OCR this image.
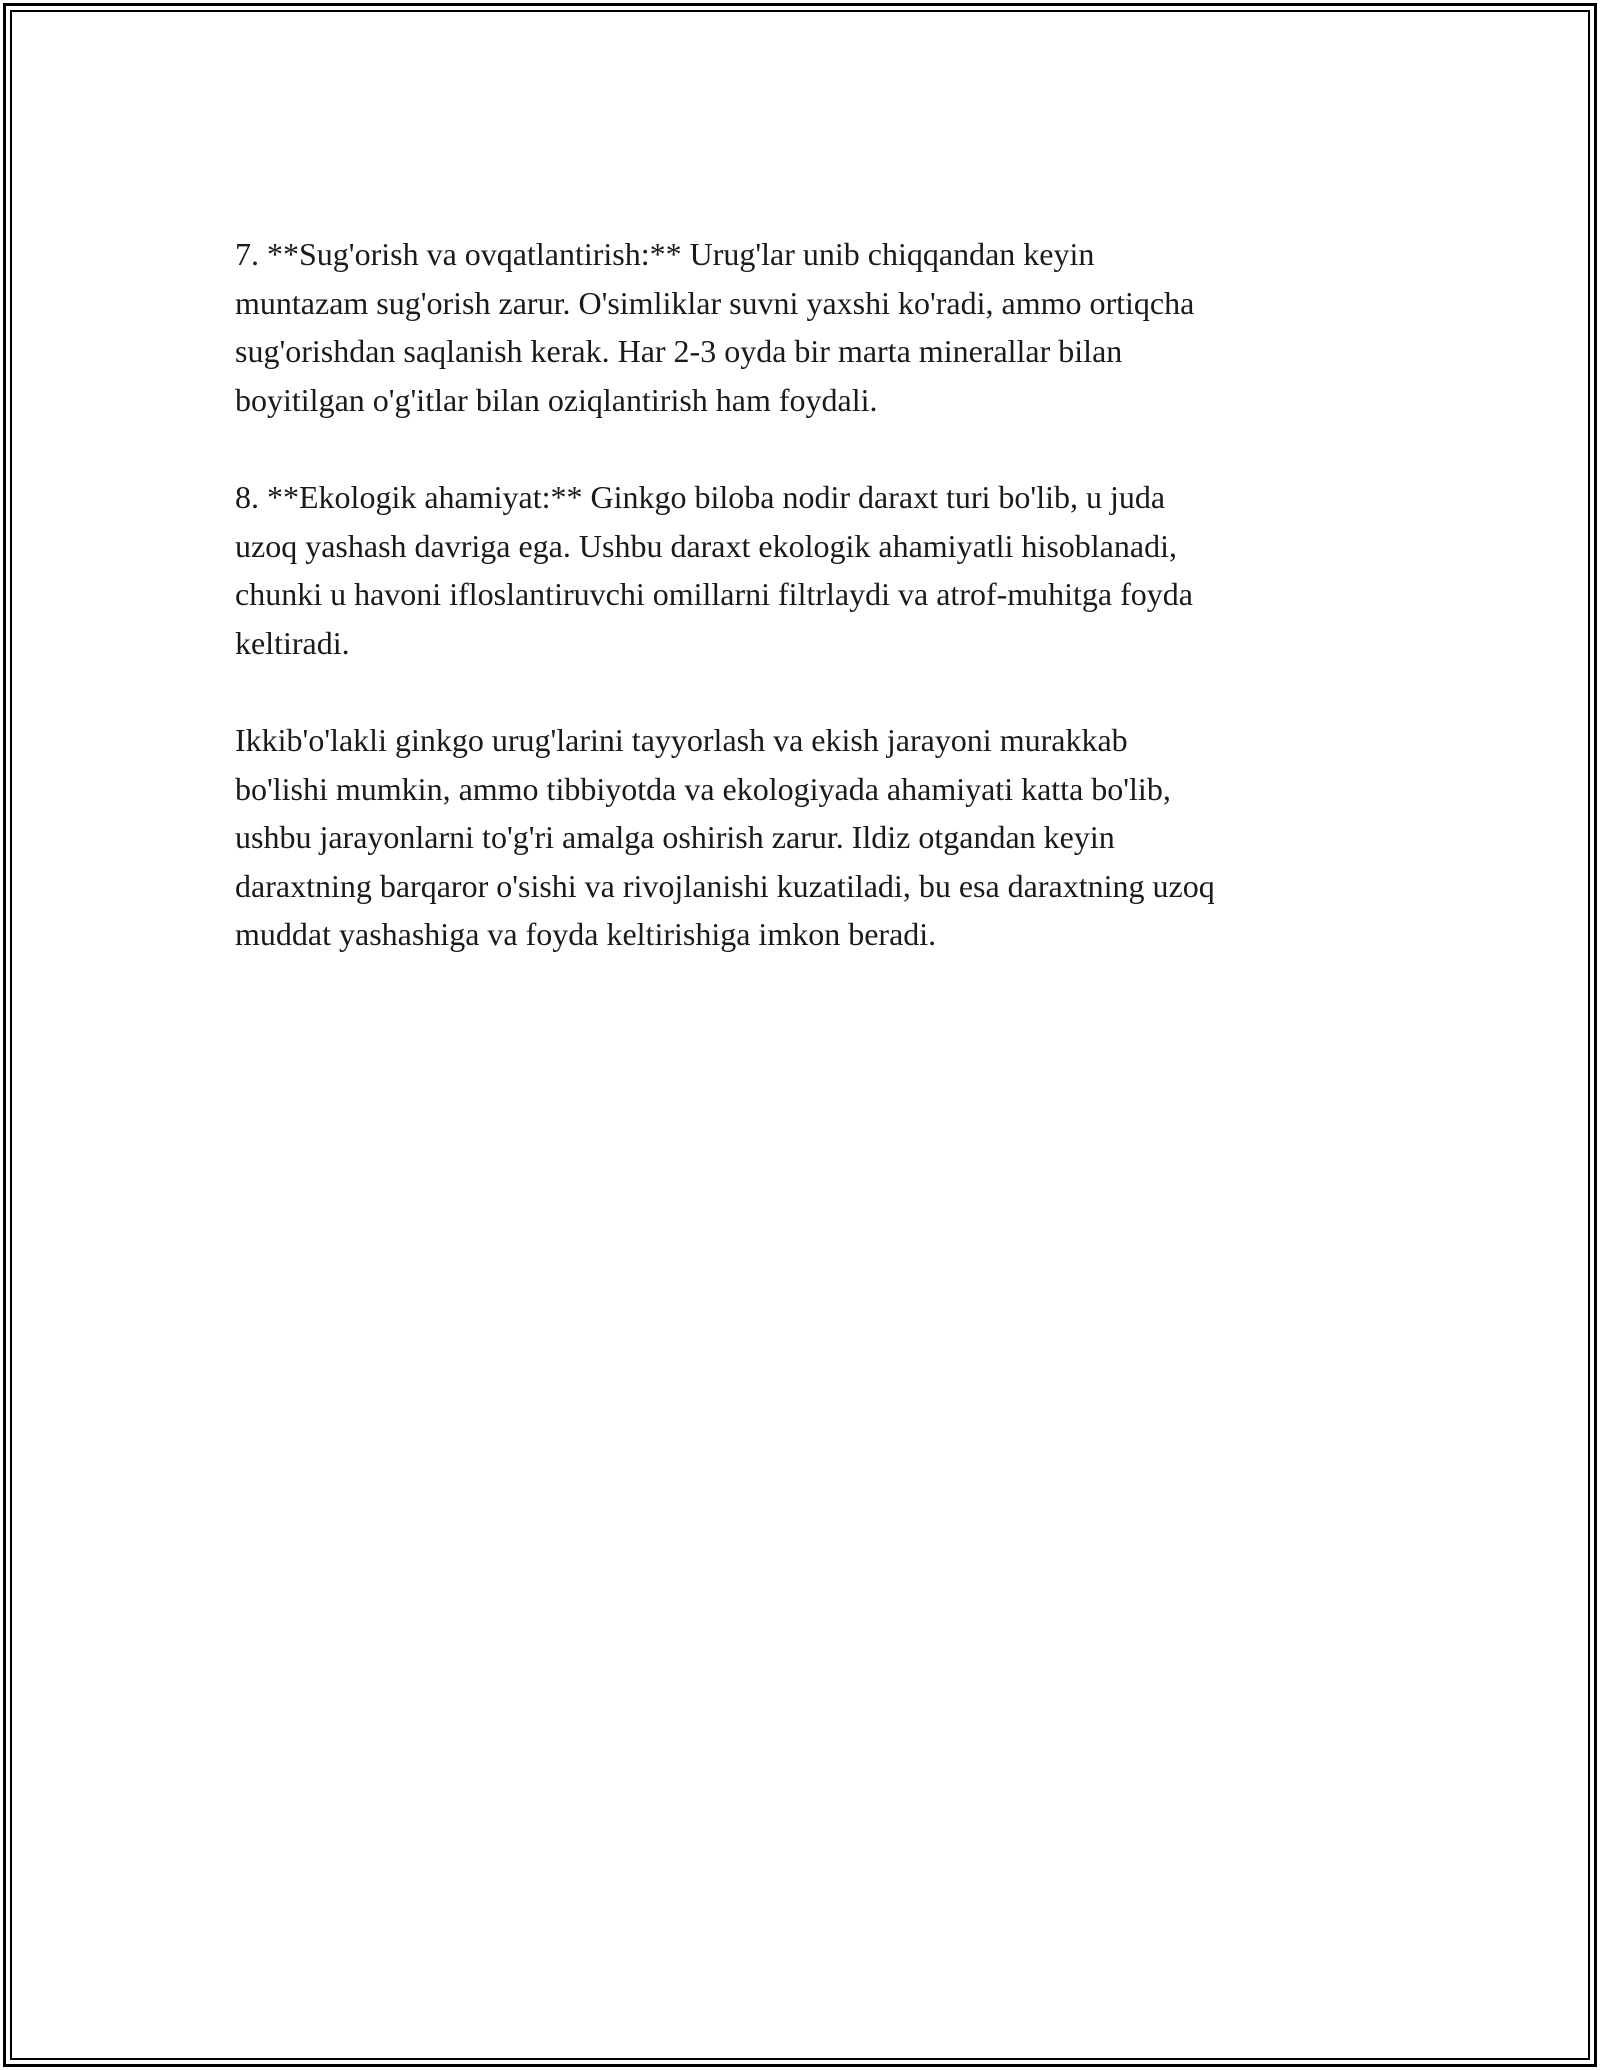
7. **Sug'orish va ovqatlantirish:** Urug'lar unib chiqqandan keyin
muntazam sug'orish zarur. O'simliklar suvni yaxshi ko'radi, ammo ortiqcha
sug'orishdan saqlanish kerak. Har 2-3 oyda bir marta minerallar bilan
boyitilgan o'g'itlar bilan oziqlantirish ham foydali.

8. **Ekologik ahamiyat:** Ginkgo biloba nodir daraxt turi bo'lib, u juda
uzoq yashash davriga ega. Ushbu daraxt ekologik ahamiyatli hisoblanadi,
chunki u havoni ifloslantiruvchi omillarni filtrlaydi va atrof-muhitga foyda
keltiradi.

Ikkib'o'lakli ginkgo urug'larini tayyorlash va ekish jarayoni murakkab
bo'lishi mumkin, ammo tibbiyotda va ekologiyada ahamiyati katta bo'lib,
ushbu jarayonlarni to'g'ri amalga oshirish zarur. Ildiz otgandan keyin
daraxtning barqaror o'sishi va rivojlanishi kuzatiladi, bu esa daraxtning uzoq
muddat yashashiga va foyda keltirishiga imkon beradi.
